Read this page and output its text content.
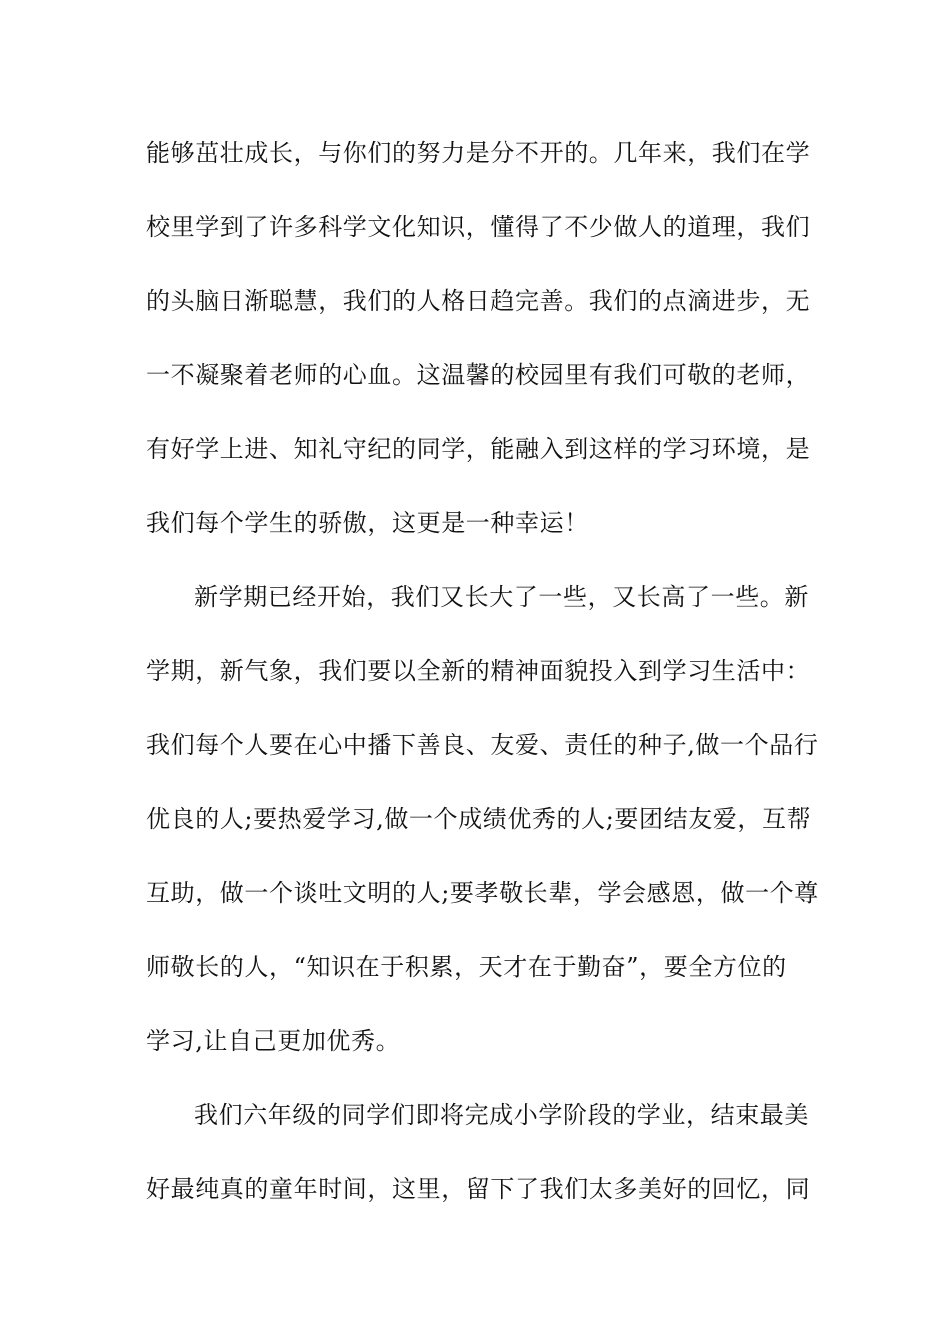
能够茁壮成长，与你们的努力是分不开的。几年来，我们在学
校里学到了许多科学文化知识，懂得了不少做人的道理，我们
的头脑日渐聪慧，我们的人格日趋完善。我们的点滴进步，无
一不凝聚着老师的心血。这温馨的校园里有我们可敬的老师，
有好学上进、知礼守纪的同学，能融入到这样的学习环境，是
我们每个学生的骄傲，这更是一种幸运！
新学期已经开始，我们又长大了一些，又长高了一些。新
学期，新气象，我们要以全新的精神面貌投入到学习生活中：
我们每个人要在心中播下善良、友爱、责任的种子,做一个品行
优良的人;要热爱学习,做一个成绩优秀的人;要团结友爱，互帮
互助，做一个谈吐文明的人;要孝敬长辈，学会感恩，做一个尊
师敬长的人，“知识在于积累，天才在于勤奋”，要全方位的
学习,让自己更加优秀。
我们六年级的同学们即将完成小学阶段的学业，结束最美
好最纯真的童年时间，这里，留下了我们太多美好的回忆，同
